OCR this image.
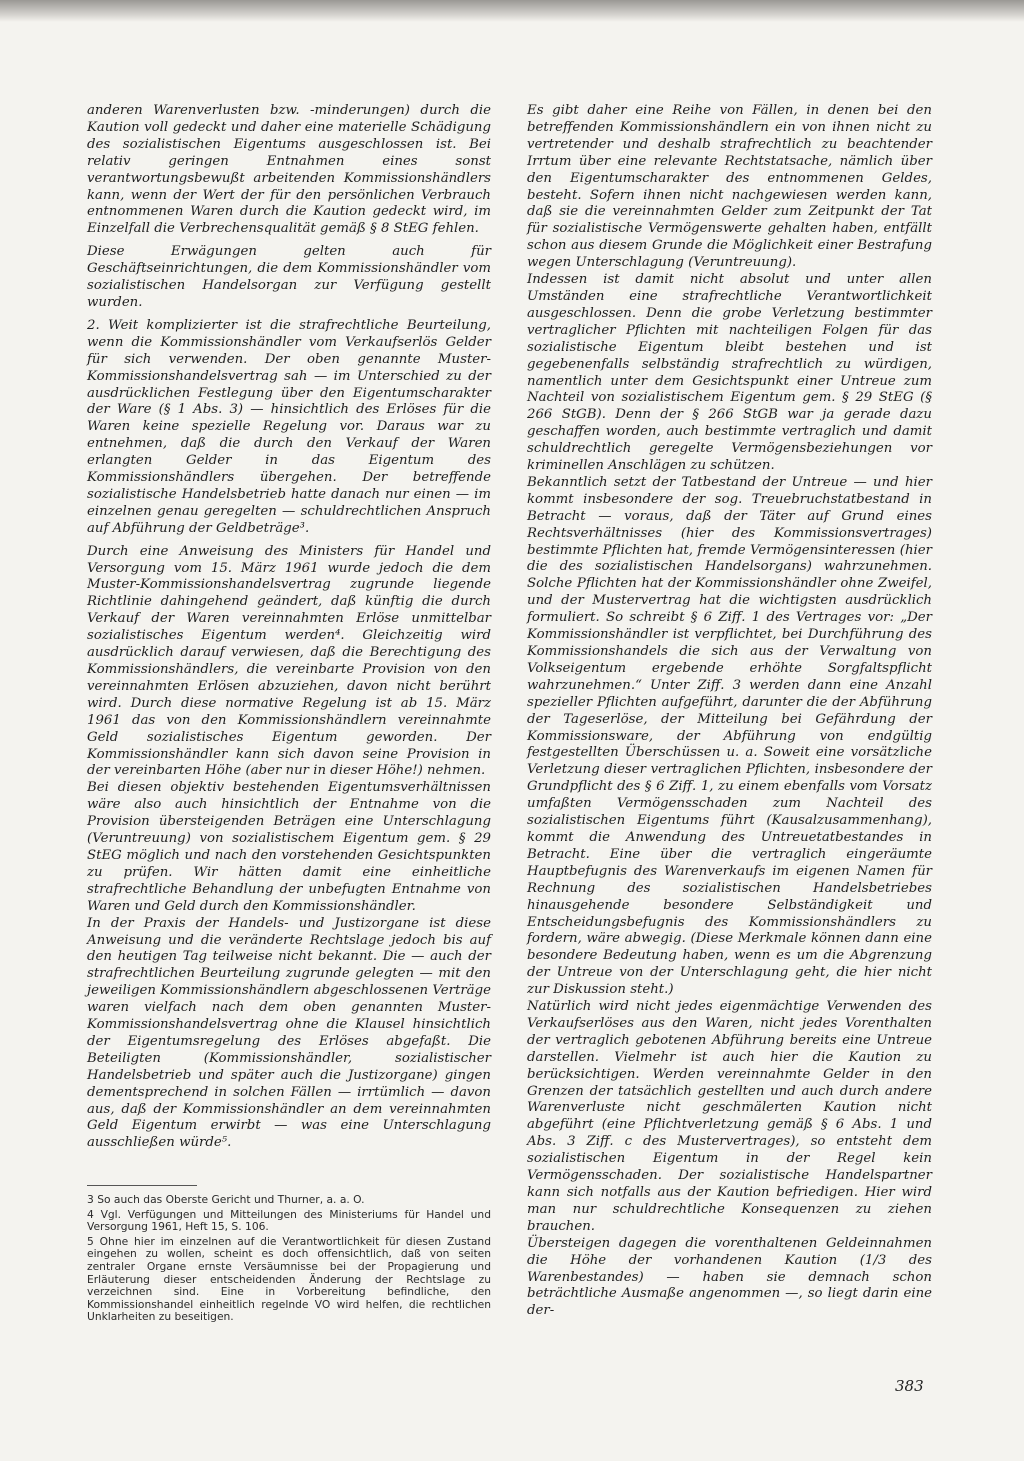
anderen Warenverlusten bzw. -minderungen) durch die Kaution voll gedeckt und daher eine materielle Schädigung des sozialistischen Eigentums ausgeschlossen ist. Bei relativ geringen Entnahmen eines sonst verantwortungsbewußt arbeitenden Kommissionshändlers kann, wenn der Wert der für den persönlichen Verbrauch entnommenen Waren durch die Kaution gedeckt wird, im Einzelfall die Verbrechensqualität gemäß § 8 StEG fehlen.

Diese Erwägungen gelten auch für Geschäftseinrichtungen, die dem Kommissionshändler vom sozialistischen Handelsorgan zur Verfügung gestellt wurden.

2. Weit komplizierter ist die strafrechtliche Beurteilung, wenn die Kommissionshändler vom Verkaufserlös Gelder für sich verwenden. Der oben genannte Muster-Kommissionshandelsvertrag sah — im Unterschied zu der ausdrücklichen Festlegung über den Eigentumscharakter der Ware (§ 1 Abs. 3) — hinsichtlich des Erlöses für die Waren keine spezielle Regelung vor. Daraus war zu entnehmen, daß die durch den Verkauf der Waren erlangten Gelder in das Eigentum des Kommissionshändlers übergehen. Der betreffende sozialistische Handelsbetrieb hatte danach nur einen — im einzelnen genau geregelten — schuldrechtlichen Anspruch auf Abführung der Geldbeträge³.

Durch eine Anweisung des Ministers für Handel und Versorgung vom 15. März 1961 wurde jedoch die dem Muster-Kommissionshandelsvertrag zugrunde liegende Richtlinie dahingehend geändert, daß künftig die durch Verkauf der Waren vereinnahmten Erlöse unmittelbar sozialistisches Eigentum werden⁴. Gleichzeitig wird ausdrücklich darauf verwiesen, daß die Berechtigung des Kommissionshändlers, die vereinbarte Provision von den vereinnahmten Erlösen abzuziehen, davon nicht berührt wird. Durch diese normative Regelung ist ab 15. März 1961 das von den Kommissionshändlern vereinnahmte Geld sozialistisches Eigentum geworden. Der Kommissionshändler kann sich davon seine Provision in der vereinbarten Höhe (aber nur in dieser Höhe!) nehmen.

Bei diesen objektiv bestehenden Eigentumsverhältnissen wäre also auch hinsichtlich der Entnahme von die Provision übersteigenden Beträgen eine Unterschlagung (Veruntreuung) von sozialistischem Eigentum gem. § 29 StEG möglich und nach den vorstehenden Gesichtspunkten zu prüfen. Wir hätten damit eine einheitliche strafrechtliche Behandlung der unbefugten Entnahme von Waren und Geld durch den Kommissionshändler.

In der Praxis der Handels- und Justizorgane ist diese Anweisung und die veränderte Rechtslage jedoch bis auf den heutigen Tag teilweise nicht bekannt. Die — auch der strafrechtlichen Beurteilung zugrunde gelegten — mit den jeweiligen Kommissionshändlern abgeschlossenen Verträge waren vielfach nach dem oben genannten Muster-Kommissionshandelsvertrag ohne die Klausel hinsichtlich der Eigentumsregelung des Erlöses abgefaßt. Die Beteiligten (Kommissionshändler, sozialistischer Handelsbetrieb und später auch die Justizorgane) gingen dementsprechend in solchen Fällen — irrtümlich — davon aus, daß der Kommissionshändler an dem vereinnahmten Geld Eigentum erwirbt — was eine Unterschlagung ausschließen würde⁵.

3 So auch das Oberste Gericht und Thurner, a. a. O.

4 Vgl. Verfügungen und Mitteilungen des Ministeriums für Handel und Versorgung 1961, Heft 15, S. 106.

5 Ohne hier im einzelnen auf die Verantwortlichkeit für diesen Zustand eingehen zu wollen, scheint es doch offensichtlich, daß von seiten zentraler Organe ernste Versäumnisse bei der Propagierung und Erläuterung dieser entscheidenden Änderung der Rechtslage zu verzeichnen sind. Eine in Vorbereitung befindliche, den Kommissionshandel einheitlich regelnde VO wird helfen, die rechtlichen Unklarheiten zu beseitigen.

Es gibt daher eine Reihe von Fällen, in denen bei den betreffenden Kommissionshändlern ein von ihnen nicht zu vertretender und deshalb strafrechtlich zu beachtender Irrtum über eine relevante Rechtstatsache, nämlich über den Eigentumscharakter des entnommenen Geldes, besteht. Sofern ihnen nicht nachgewiesen werden kann, daß sie die vereinnahmten Gelder zum Zeitpunkt der Tat für sozialistische Vermögenswerte gehalten haben, entfällt schon aus diesem Grunde die Möglichkeit einer Bestrafung wegen Unterschlagung (Veruntreuung).

Indessen ist damit nicht absolut und unter allen Umständen eine strafrechtliche Verantwortlichkeit ausgeschlossen. Denn die grobe Verletzung bestimmter vertraglicher Pflichten mit nachteiligen Folgen für das sozialistische Eigentum bleibt bestehen und ist gegebenenfalls selbständig strafrechtlich zu würdigen, namentlich unter dem Gesichtspunkt einer Untreue zum Nachteil von sozialistischem Eigentum gem. § 29 StEG (§ 266 StGB). Denn der § 266 StGB war ja gerade dazu geschaffen worden, auch bestimmte vertraglich und damit schuldrechtlich geregelte Vermögensbeziehungen vor kriminellen Anschlägen zu schützen.

Bekanntlich setzt der Tatbestand der Untreue — und hier kommt insbesondere der sog. Treuebruchstatbestand in Betracht — voraus, daß der Täter auf Grund eines Rechtsverhältnisses (hier des Kommissionsvertrages) bestimmte Pflichten hat, fremde Vermögensinteressen (hier die des sozialistischen Handelsorgans) wahrzunehmen. Solche Pflichten hat der Kommissionshändler ohne Zweifel, und der Mustervertrag hat die wichtigsten ausdrücklich formuliert. So schreibt § 6 Ziff. 1 des Vertrages vor: „Der Kommissionshändler ist verpflichtet, bei Durchführung des Kommissionshandels die sich aus der Verwaltung von Volkseigentum ergebende erhöhte Sorgfaltspflicht wahrzunehmen.“ Unter Ziff. 3 werden dann eine Anzahl spezieller Pflichten aufgeführt, darunter die der Abführung der Tageserlöse, der Mitteilung bei Gefährdung der Kommissionsware, der Abführung von endgültig festgestellten Überschüssen u. a. Soweit eine vorsätzliche Verletzung dieser vertraglichen Pflichten, insbesondere der Grundpflicht des § 6 Ziff. 1, zu einem ebenfalls vom Vorsatz umfaßten Vermögensschaden zum Nachteil des sozialistischen Eigentums führt (Kausalzusammenhang), kommt die Anwendung des Untreuetatbestandes in Betracht. Eine über die vertraglich eingeräumte Hauptbefugnis des Warenverkaufs im eigenen Namen für Rechnung des sozialistischen Handelsbetriebes hinausgehende besondere Selbständigkeit und Entscheidungsbefugnis des Kommissionshändlers zu fordern, wäre abwegig. (Diese Merkmale können dann eine besondere Bedeutung haben, wenn es um die Abgrenzung der Untreue von der Unterschlagung geht, die hier nicht zur Diskussion steht.)

Natürlich wird nicht jedes eigenmächtige Verwenden des Verkaufserlöses aus den Waren, nicht jedes Vorenthalten der vertraglich gebotenen Abführung bereits eine Untreue darstellen. Vielmehr ist auch hier die Kaution zu berücksichtigen. Werden vereinnahmte Gelder in den Grenzen der tatsächlich gestellten und auch durch andere Warenverluste nicht geschmälerten Kaution nicht abgeführt (eine Pflichtverletzung gemäß § 6 Abs. 1 und Abs. 3 Ziff. c des Mustervertrages), so entsteht dem sozialistischen Eigentum in der Regel kein Vermögensschaden. Der sozialistische Handelspartner kann sich notfalls aus der Kaution befriedigen. Hier wird man nur schuldrechtliche Konsequenzen zu ziehen brauchen.

Übersteigen dagegen die vorenthaltenen Geldeinnahmen die Höhe der vorhandenen Kaution (1/3 des Warenbestandes) — haben sie demnach schon beträchtliche Ausmaße angenommen —, so liegt darin eine der-

383
